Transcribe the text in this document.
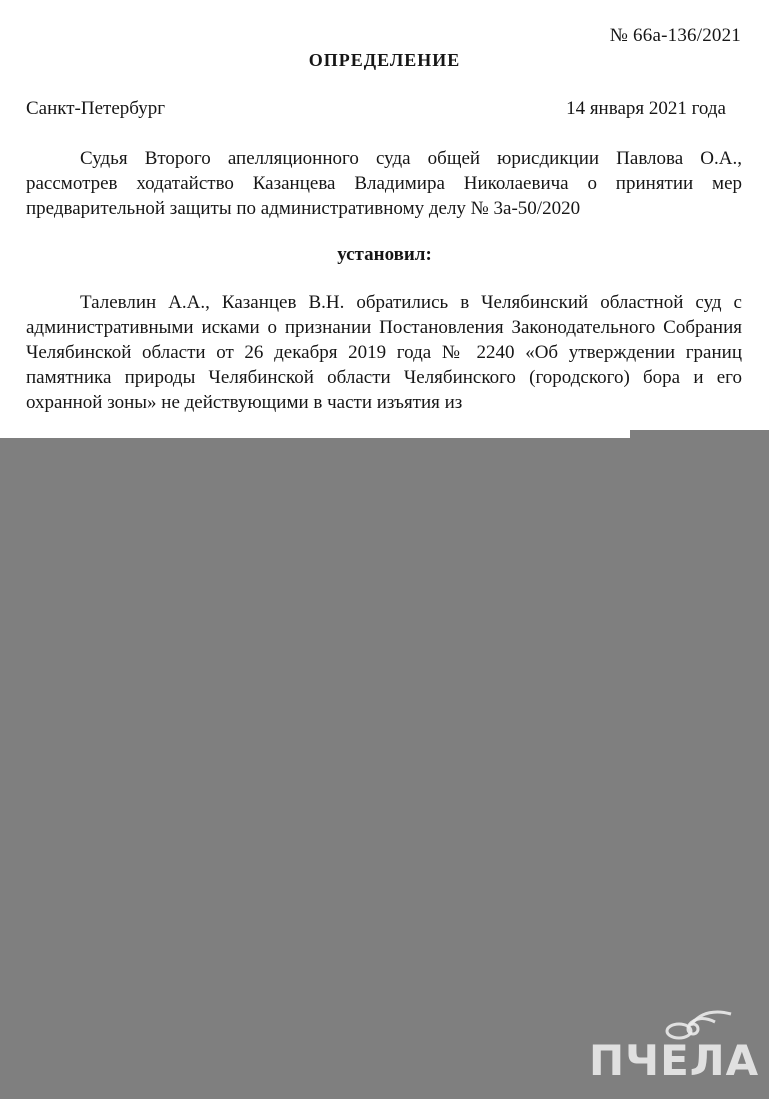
№ 66а-136/2021
ОПРЕДЕЛЕНИЕ
Санкт-Петербург	14 января 2021 года

Судья Второго апелляционного суда общей юрисдикции Павлова О.А., рассмотрев ходатайство Казанцева Владимира Николаевича о принятии мер предварительной защиты по административному делу № 3а-50/2020

установил:

Талевлин А.А., Казанцев В.Н. обратились в Челябинский областной суд с административными исками о признании Постановления Законодательного Собрания Челябинской области от 26 декабря 2019 года № 2240 «Об утверждении границ памятника природы Челябинской области Челябинского (городского) бора и его охранной зоны» не действующими в части изъятия из

ПЧЕЛА
